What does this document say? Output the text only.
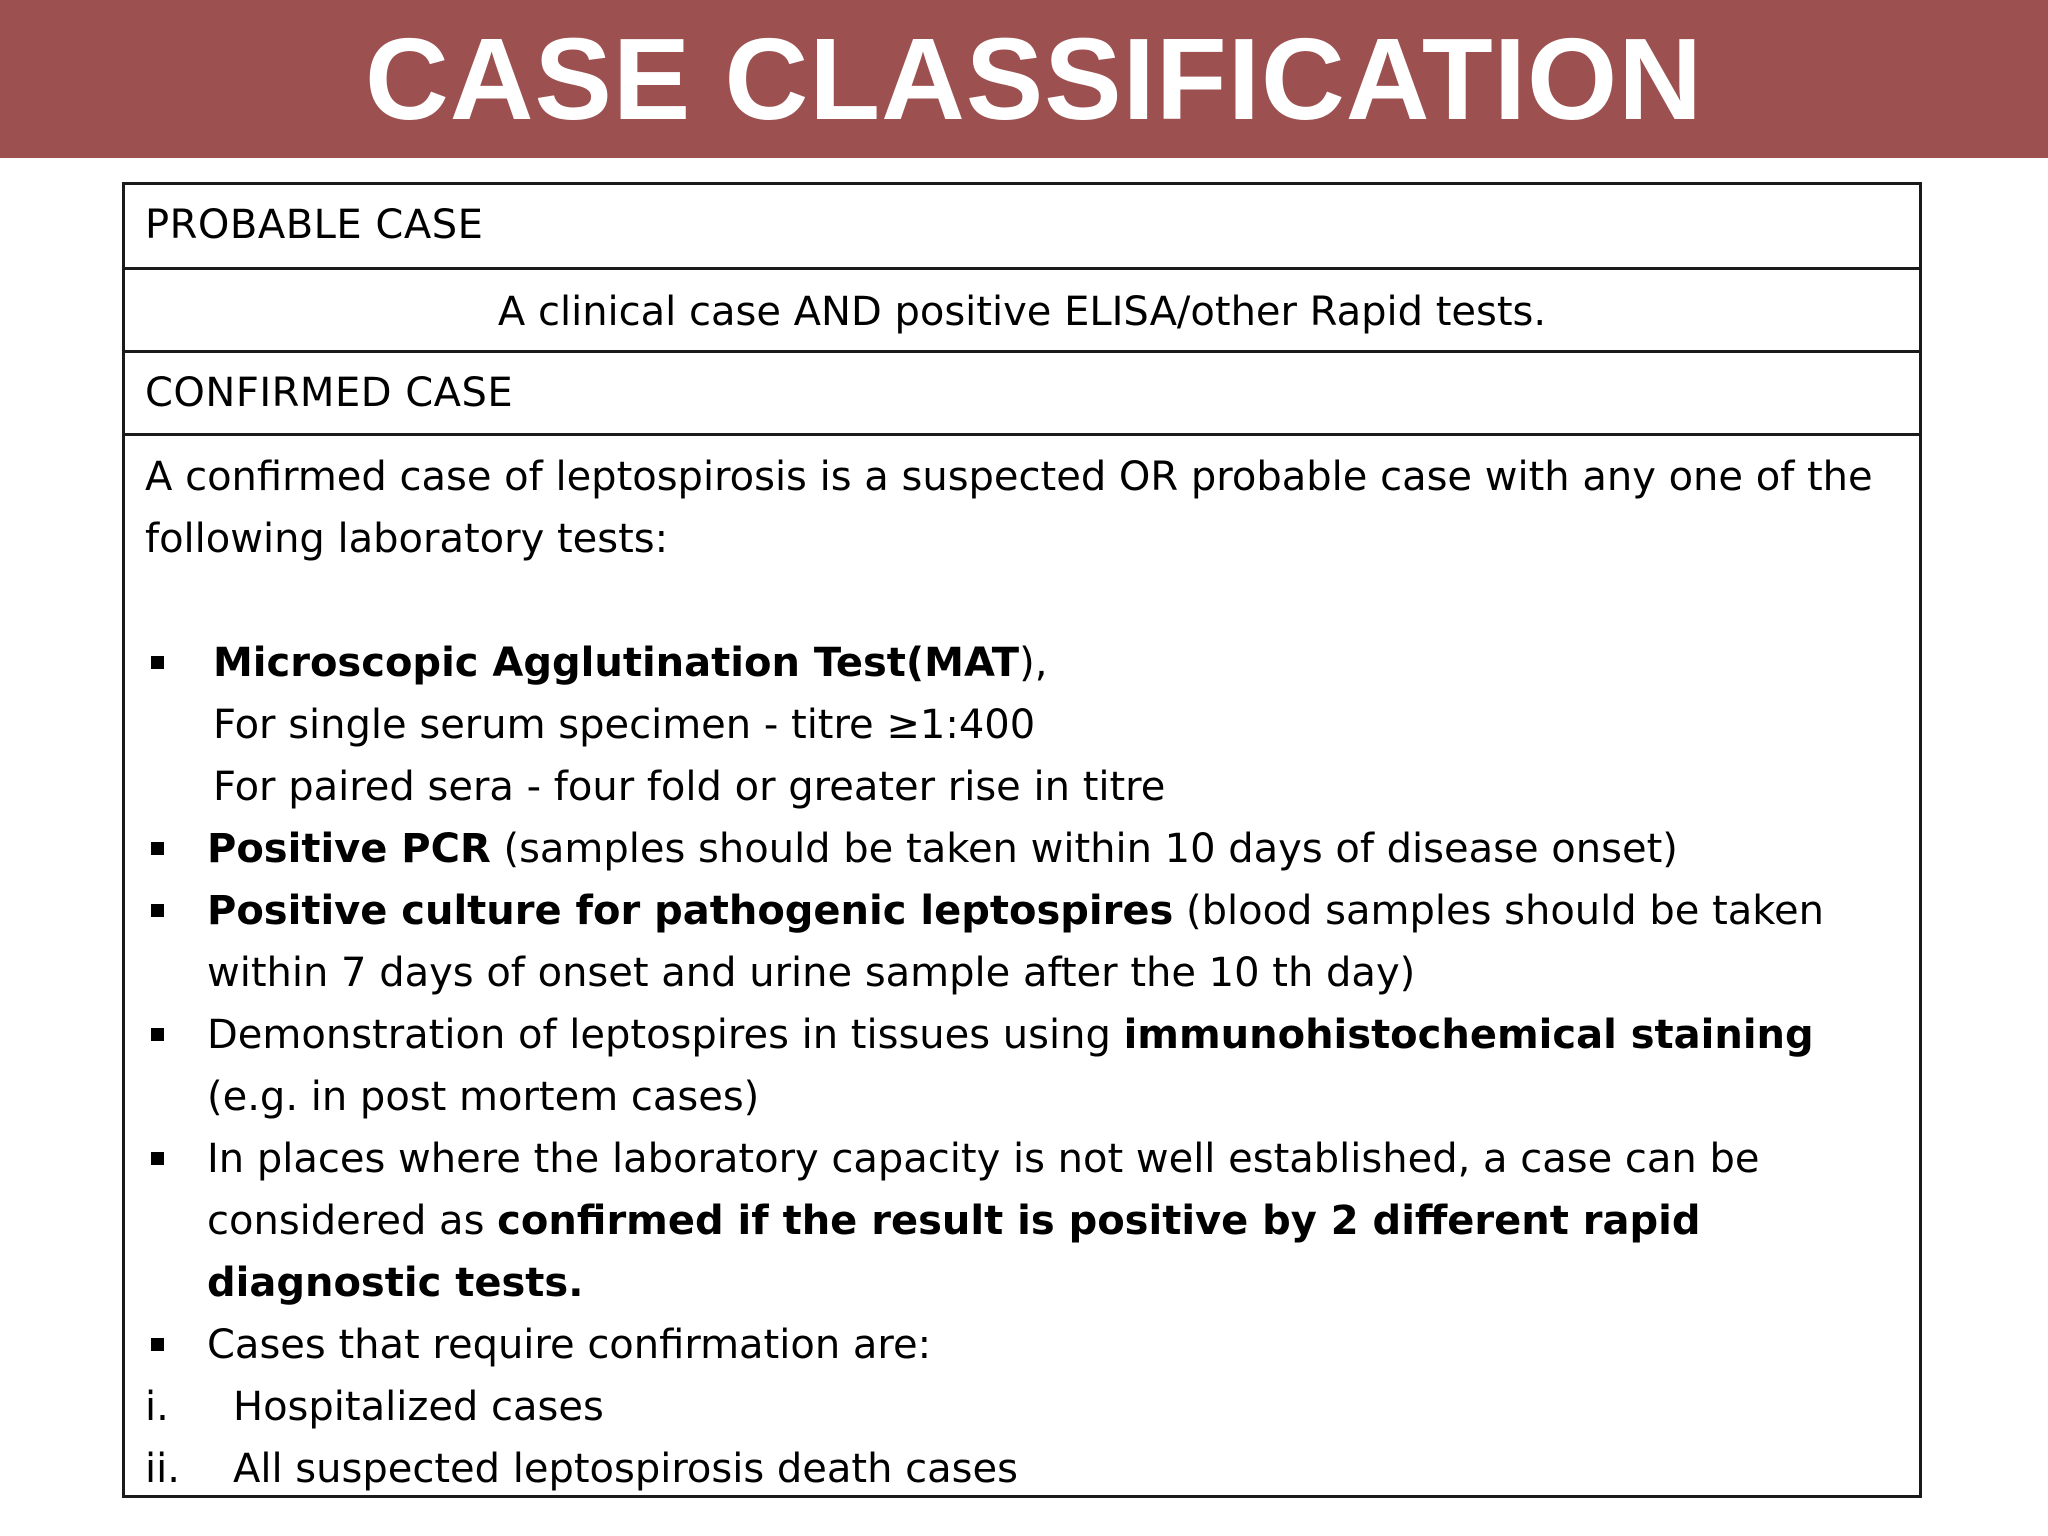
CASE CLASSIFICATION
PROBABLE CASE
A clinical case AND positive ELISA/other Rapid tests.
CONFIRMED CASE

A confirmed case of leptospirosis is a suspected OR probable case with any one of the following laboratory tests:

Microscopic Agglutination Test(MAT),
For single serum specimen - titre ≥1:400
For paired sera - four fold or greater rise in titre
Positive PCR (samples should be taken within 10 days of disease onset)
Positive culture for pathogenic leptospires (blood samples should be taken within 7 days of onset and urine sample after the 10 th day)
Demonstration of leptospires in tissues using immunohistochemical staining (e.g. in post mortem cases)
In places where the laboratory capacity is not well established, a case can be considered as confirmed if the result is positive by 2 different rapid diagnostic tests.
Cases that require confirmation are:
i. Hospitalized cases
ii. All suspected leptospirosis death cases
